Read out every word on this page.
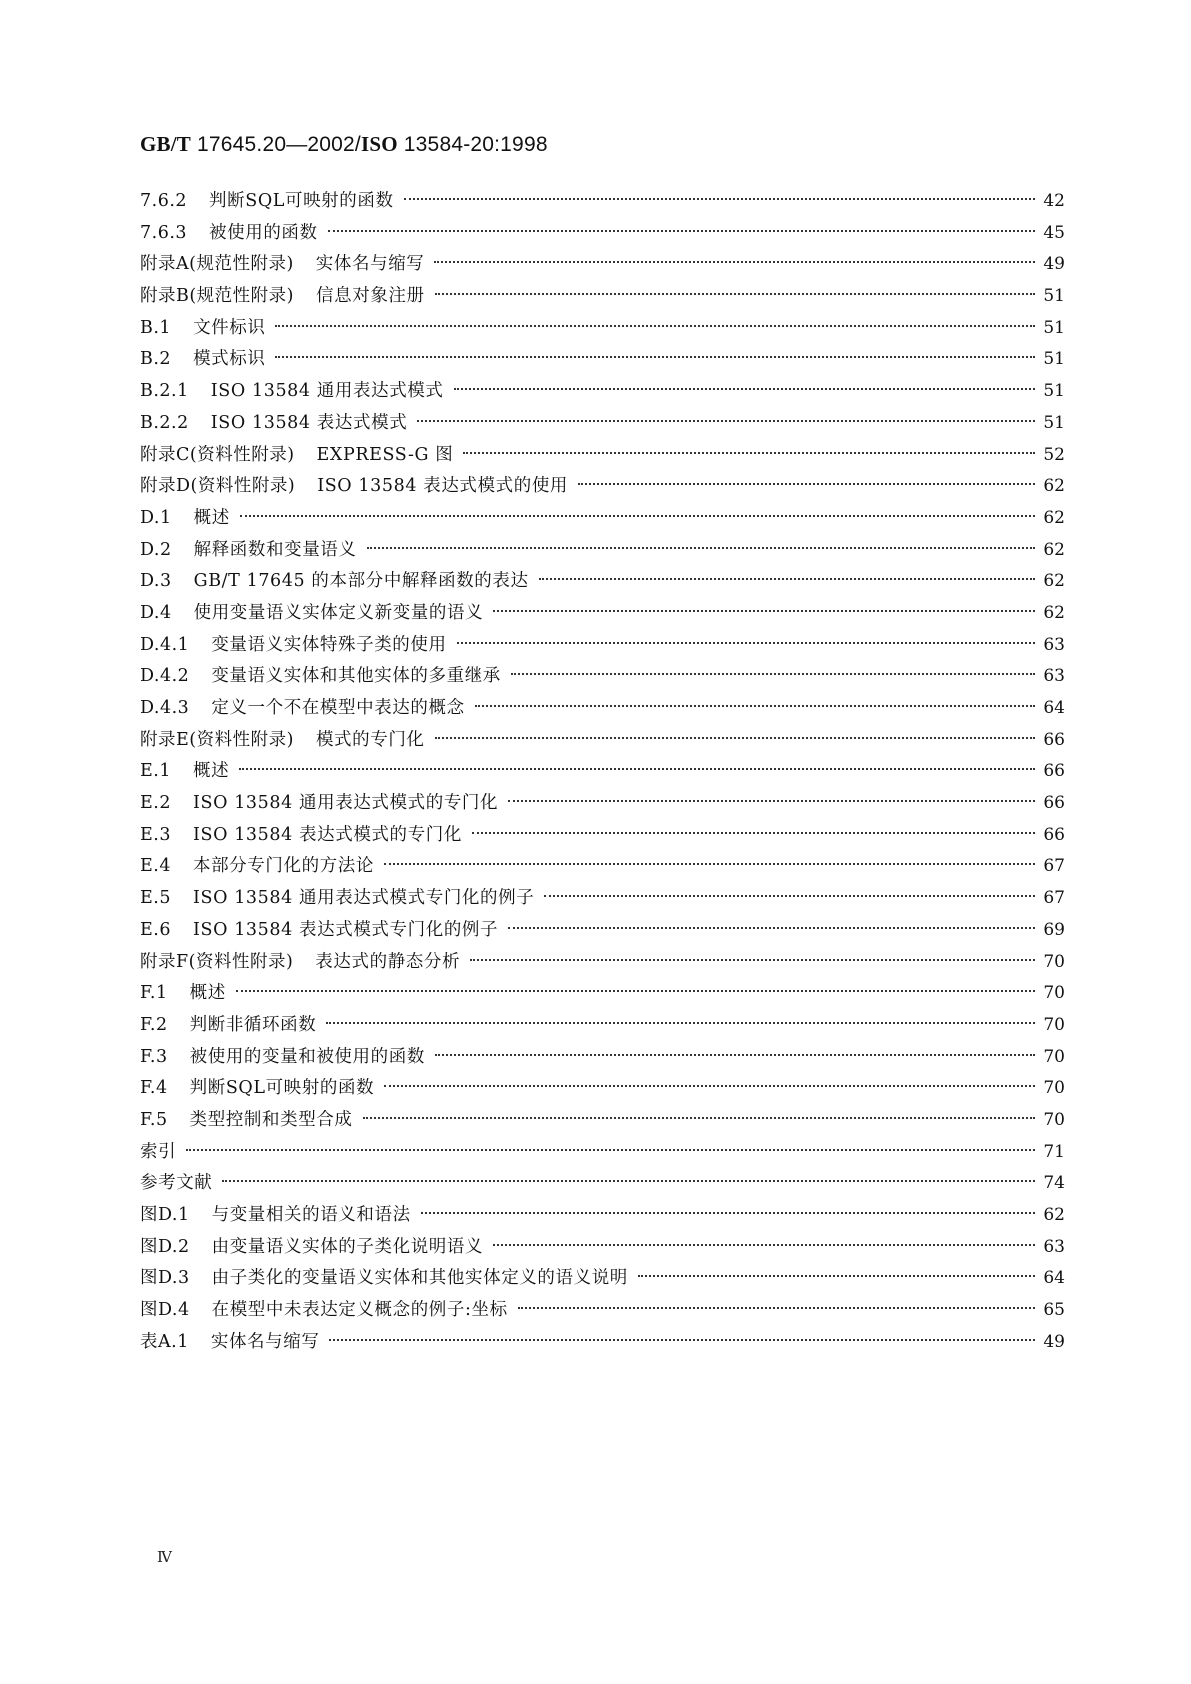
GB/T 17645.20—2002/ISO 13584-20:1998
7.6.2 判断SQL可映射的函数	42
7.6.3 被使用的函数	45
附录A(规范性附录) 实体名与缩写	49
附录B(规范性附录) 信息对象注册	51
B.1 文件标识	51
B.2 模式标识	51
B.2.1 ISO 13584 通用表达式模式	51
B.2.2 ISO 13584 表达式模式	51
附录C(资料性附录) EXPRESS-G 图	52
附录D(资料性附录) ISO 13584 表达式模式的使用	62
D.1 概述	62
D.2 解释函数和变量语义	62
D.3 GB/T 17645 的本部分中解释函数的表达	62
D.4 使用变量语义实体定义新变量的语义	62
D.4.1 变量语义实体特殊子类的使用	63
D.4.2 变量语义实体和其他实体的多重继承	63
D.4.3 定义一个不在模型中表达的概念	64
附录E(资料性附录) 模式的专门化	66
E.1 概述	66
E.2 ISO 13584 通用表达式模式的专门化	66
E.3 ISO 13584 表达式模式的专门化	66
E.4 本部分专门化的方法论	67
E.5 ISO 13584 通用表达式模式专门化的例子	67
E.6 ISO 13584 表达式模式专门化的例子	69
附录F(资料性附录) 表达式的静态分析	70
F.1 概述	70
F.2 判断非循环函数	70
F.3 被使用的变量和被使用的函数	70
F.4 判断SQL可映射的函数	70
F.5 类型控制和类型合成	70
索引	71
参考文献	74
图D.1 与变量相关的语义和语法	62
图D.2 由变量语义实体的子类化说明语义	63
图D.3 由子类化的变量语义实体和其他实体定义的语义说明	64
图D.4 在模型中未表达定义概念的例子:坐标	65
表A.1 实体名与缩写	49
Ⅳ
